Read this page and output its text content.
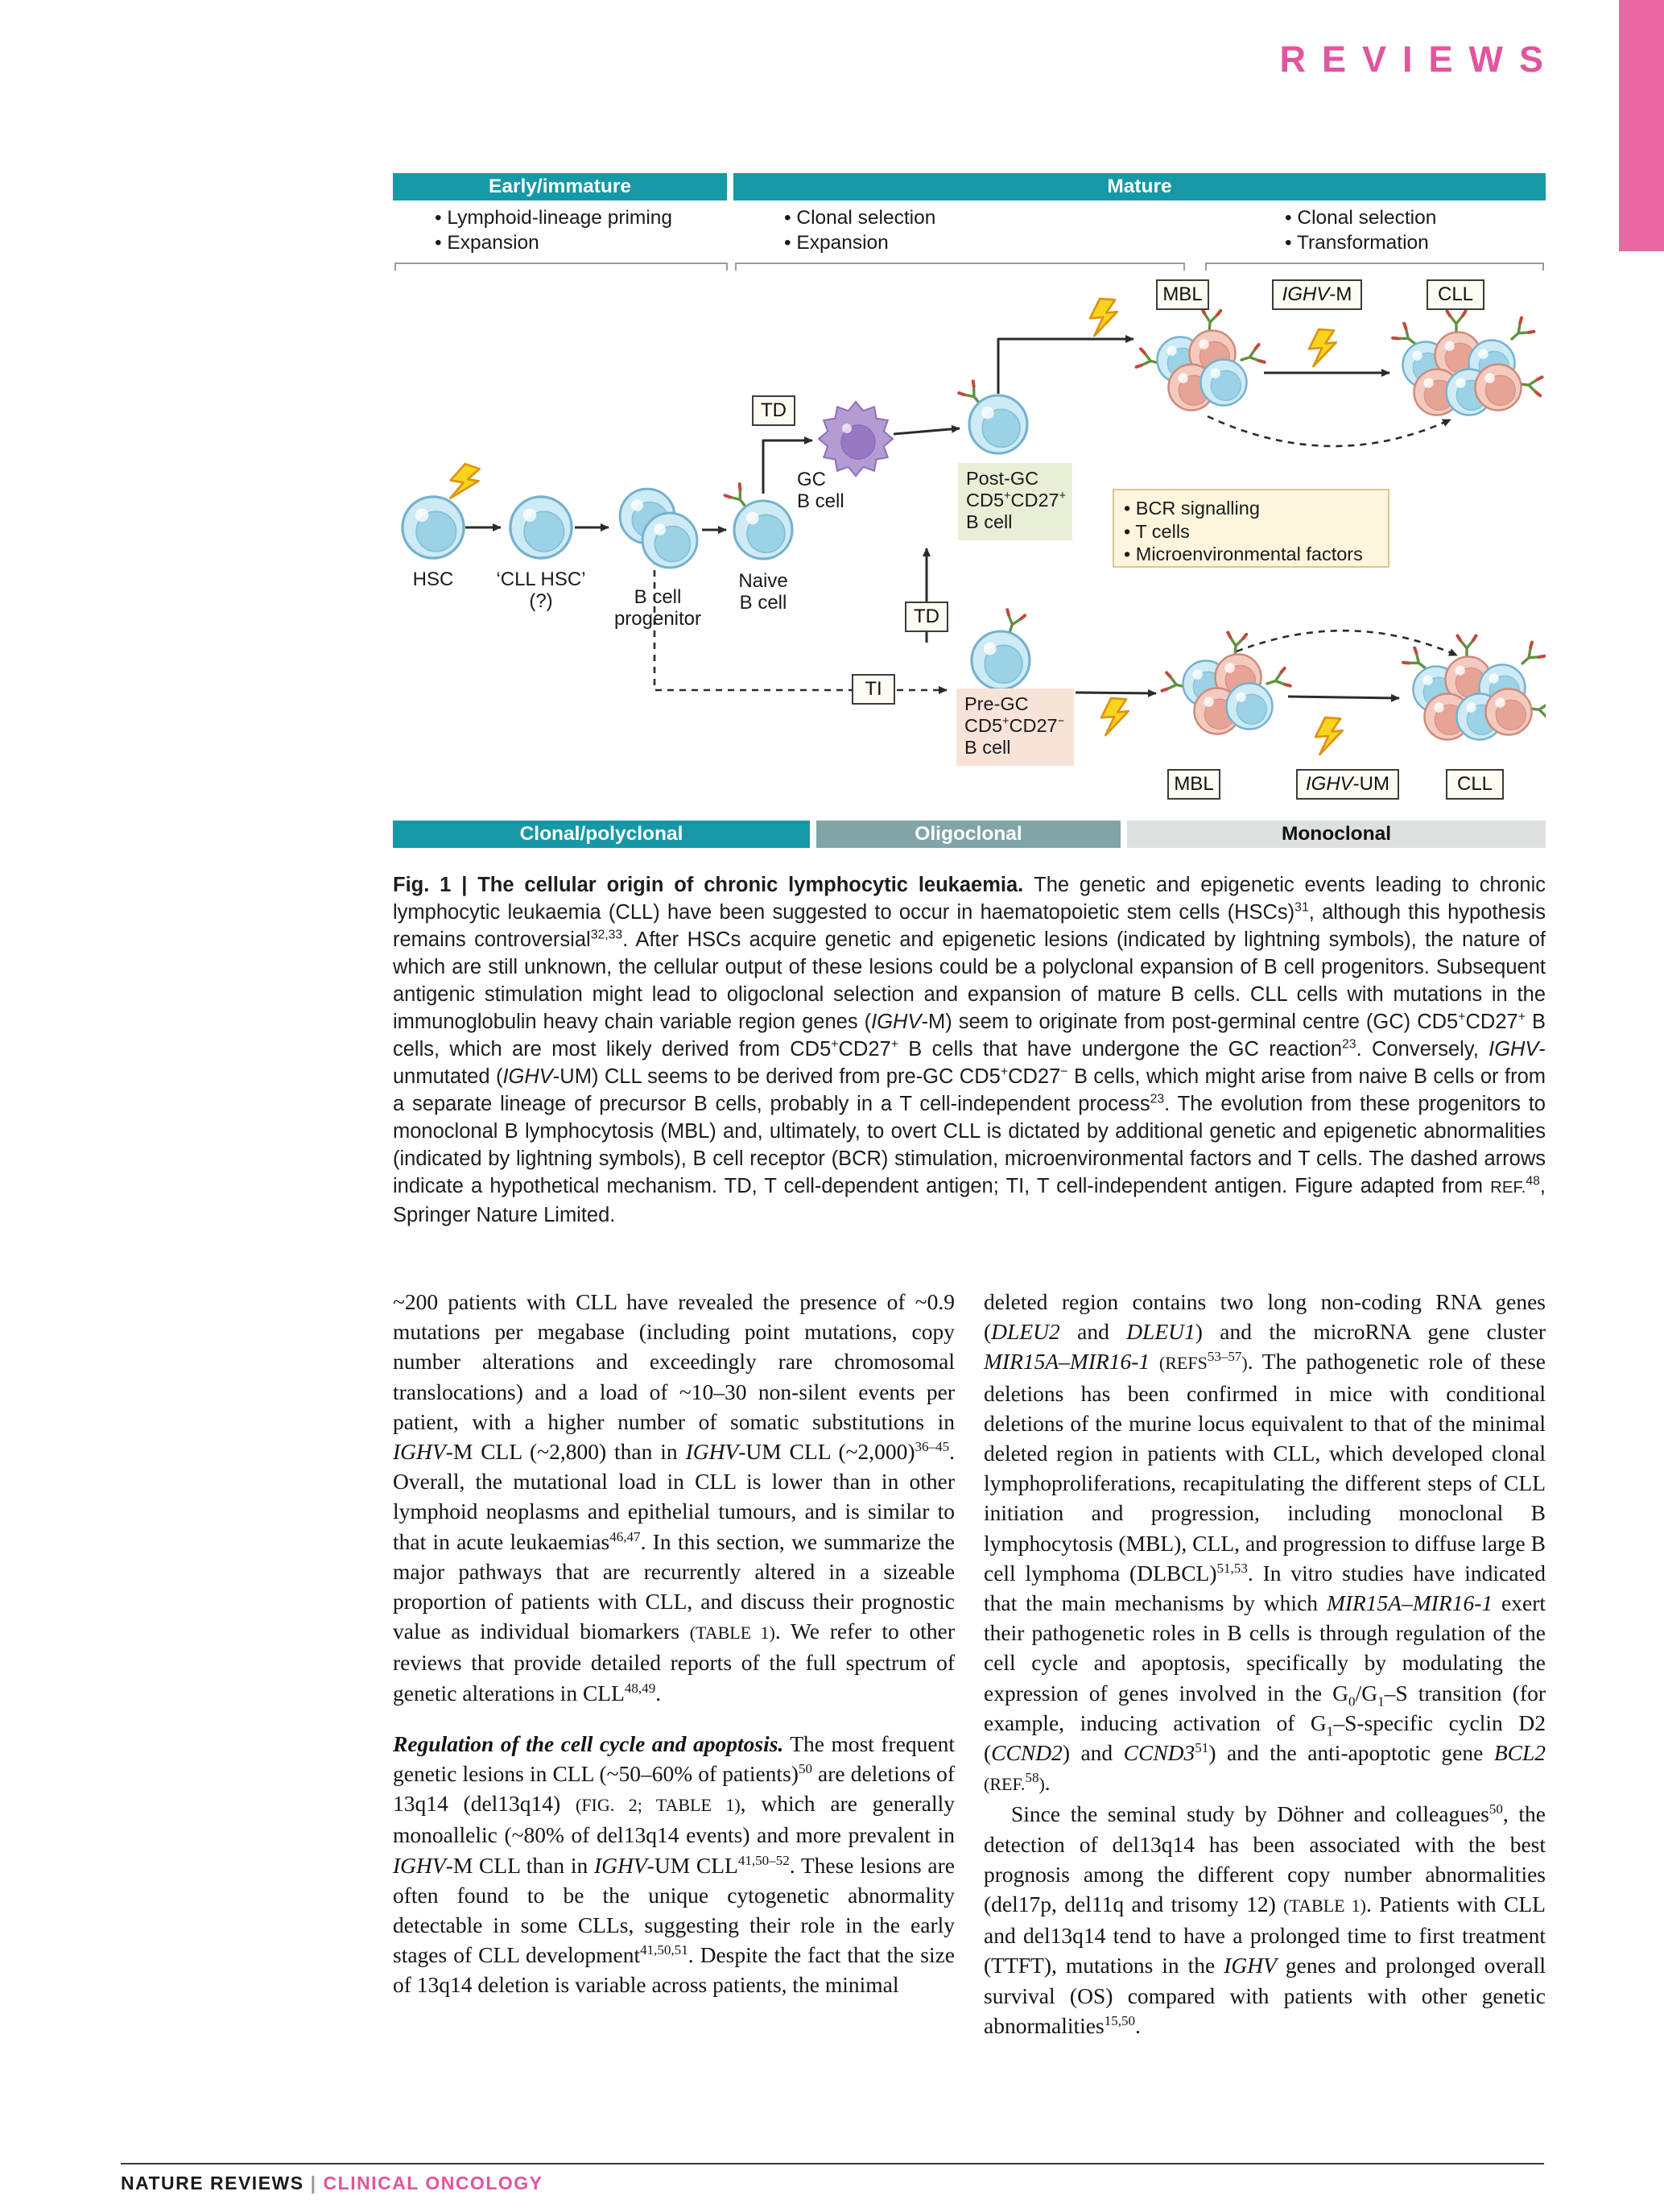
REVIEWS
Early/immature	Mature
• Lymphoid-lineage priming
• Expansion
• Clonal selection
• Expansion
• Clonal selection
• Transformation
MBL	IGHV -M	CLL
TD
TD
TI
MBL	IGHV -UM	CLL
HSC	‘CLL HSC’
(?)	B cell
progenitor
Naive
B cell
GC
B cell
Post-GC
CD5+CD27+
B cell
Pre-GC
CD5+CD27−
B cell
• BCR signalling
• T cells
• Microenvironmental factors
Clonal/polyclonal	Oligoclonal	Monoclonal
Fig. 1 | The cellular origin of chronic lymphocytic leukaemia. The genetic and epigenetic events leading to chronic lymphocytic leukaemia (CLL) have been suggested to occur in haematopoietic stem cells (HSCs)$^{31}$, although this hypothesis remains controversial$^{32,33}$. After HSCs acquire genetic and epigenetic lesions (indicated by lightning symbols), the nature of which are still unknown, the cellular output of these lesions could be a polyclonal expansion of B cell progenitors. Subsequent antigenic stimulation might lead to oligoclonal selection and expansion of mature B cells. CLL cells with mutations in the immunoglobulin heavy chain variable region genes (IGHV-M) seem to originate from post-germinal centre (GC) CD5+CD27+ B cells, which are most likely derived from CD5+CD27+ B cells that have undergone the GC reaction$^{23}$. Conversely, IGHV-unmutated (IGHV-UM) CLL seems to be derived from pre-GC CD5+CD27− B cells, which might arise from naive B cells or from a separate lineage of precursor B cells, probably in a T cell-independent process$^{23}$. The evolution from these progenitors to monoclonal B lymphocytosis (MBL) and, ultimately, to overt CLL is dictated by additional genetic and epigenetic abnormalities (indicated by lightning symbols), B cell receptor (BCR) stimulation, microenvironmental factors and T cells. The dashed arrows indicate a hypothetical mechanism. TD, T cell-dependent antigen; TI, T cell-independent antigen. Figure adapted from REF.$^{48}$, Springer Nature Limited.

~200 patients with CLL have revealed the presence of ~0.9 mutations per megabase (including point mutations, copy number alterations and exceedingly rare chromosomal translocations) and a load of ~10–30 non-silent events per patient, with a higher number of somatic substitutions in IGHV-M CLL (~2,800) than in IGHV-UM CLL (~2,000)$^{36-45}$. Overall, the mutational load in CLL is lower than in other lymphoid neoplasms and epithelial tumours, and is similar to that in acute leukaemias$^{46,47}$. In this section, we summarize the major pathways that are recurrently altered in a sizeable proportion of patients with CLL, and discuss their prognostic value as individual biomarkers (TABLE 1). We refer to other reviews that provide detailed reports of the full spectrum of genetic alterations in CLL$^{48,49}$.

Regulation of the cell cycle and apoptosis. The most frequent genetic lesions in CLL (~50–60% of patients)$^{50}$ are deletions of 13q14 (del13q14) (FIG. 2; TABLE 1), which are generally monoallelic (~80% of del13q14 events) and more prevalent in IGHV-M CLL than in IGHV-UM CLL$^{41,50-52}$. These lesions are often found to be the unique cytogenetic abnormality detectable in some CLLs, suggesting their role in the early stages of CLL development$^{41,50,51}$. Despite the fact that the size of 13q14 deletion is variable across patients, the minimal

deleted region contains two long non-coding RNA genes (DLEU2 and DLEU1) and the microRNA gene cluster MIR15A–MIR16-1 (REFS$^{53-57}$). The pathogenetic role of these deletions has been confirmed in mice with conditional deletions of the murine locus equivalent to that of the minimal deleted region in patients with CLL, which developed clonal lymphoproliferations, recapitulating the different steps of CLL initiation and progression, including monoclonal B lymphocytosis (MBL), CLL, and progression to diffuse large B cell lymphoma (DLBCL)$^{51,53}$. In vitro studies have indicated that the main mechanisms by which MIR15A–MIR16-1 exert their pathogenetic roles in B cells is through regulation of the cell cycle and apoptosis, specifically by modulating the expression of genes involved in the $G_0/G_1-S$ transition (for example, inducing activation of $G_1-S$-specific cyclin D2 (CCND2) and $CCND3^{51}$) and the anti-apoptotic gene BCL2 (REF.$^{58}$).

Since the seminal study by Döhner and colleagues$^{50}$, the detection of del13q14 has been associated with the best prognosis among the different copy number abnormalities (del17p, del11q and trisomy 12) (TABLE 1). Patients with CLL and del13q14 tend to have a prolonged time to first treatment (TTFT), mutations in the IGHV genes and prolonged overall survival (OS) compared with patients with other genetic abnormalities$^{15,50}$.

NATURE REVIEWS | CLINICAL ONCOLOGY
